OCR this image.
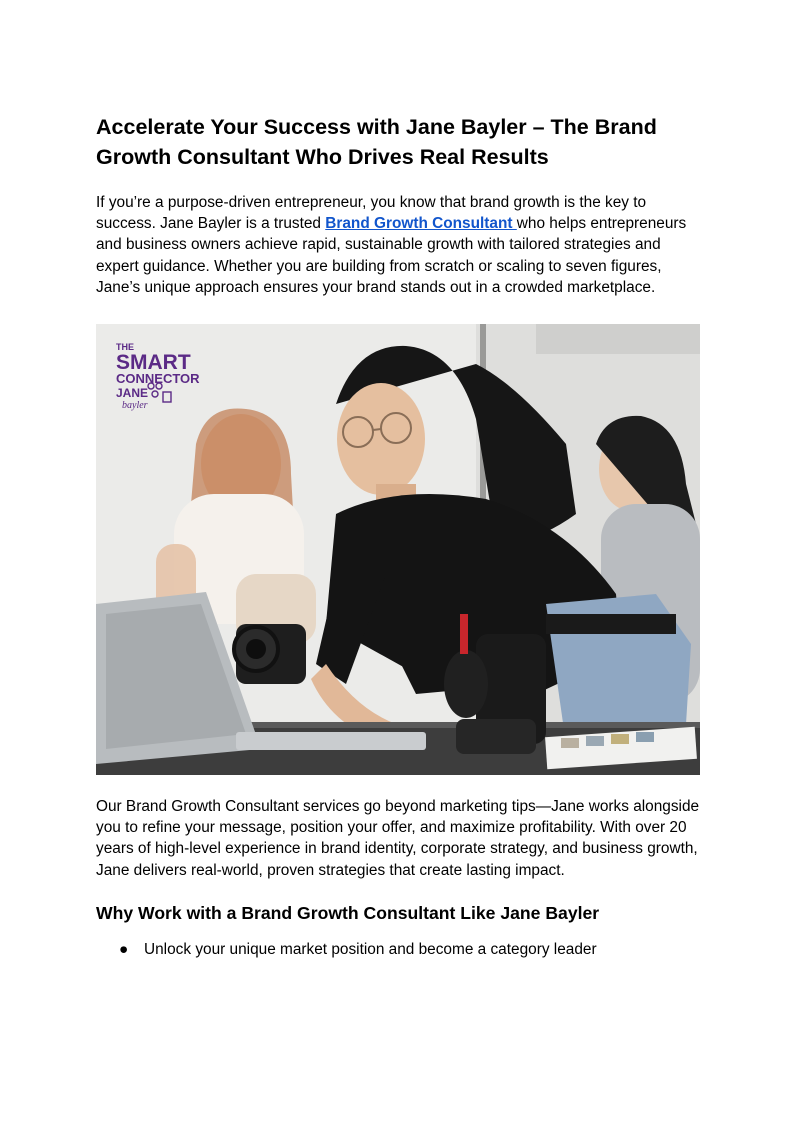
Accelerate Your Success with Jane Bayler – The Brand Growth Consultant Who Drives Real Results

If you’re a purpose-driven entrepreneur, you know that brand growth is the key to success. Jane Bayler is a trusted Brand Growth Consultant who helps entrepreneurs and business owners achieve rapid, sustainable growth with tailored strategies and expert guidance. Whether you are building from scratch or scaling to seven figures, Jane’s unique approach ensures your brand stands out in a crowded marketplace.

THE
SMART
CONNECTOR
JANE
bayler

Our Brand Growth Consultant services go beyond marketing tips—Jane works alongside you to refine your message, position your offer, and maximize profitability. With over 20 years of high-level experience in brand identity, corporate strategy, and business growth, Jane delivers real-world, proven strategies that create lasting impact.

Why Work with a Brand Growth Consultant Like Jane Bayler
● Unlock your unique market position and become a category leader
